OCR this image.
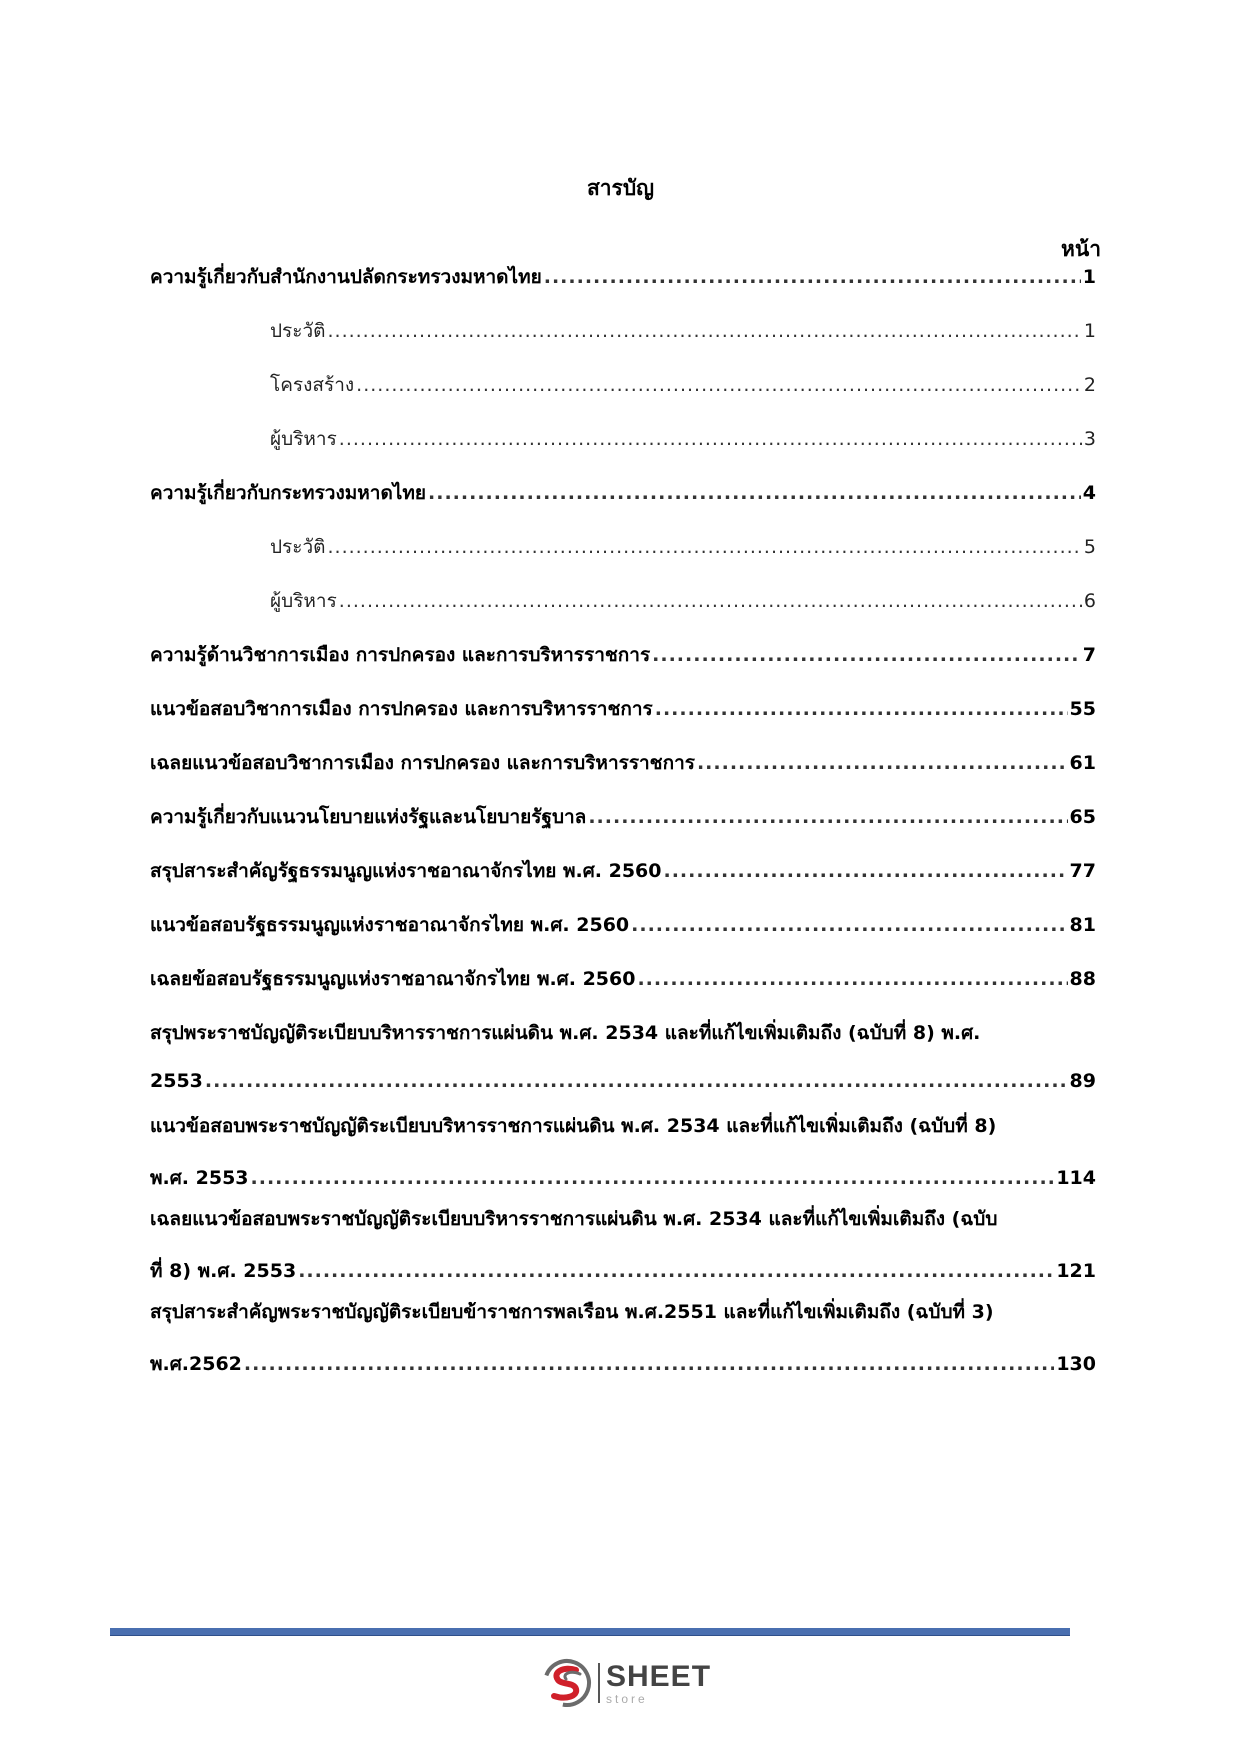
สารบัญ
หน้า
ความรู้เกี่ยวกับสำนักงานปลัดกระทรวงมหาดไทย .....	1
ประวัติ .....	1
โครงสร้าง .....	2
ผู้บริหาร .....	3
ความรู้เกี่ยวกับกระทรวงมหาดไทย .....	4
ประวัติ .....	5
ผู้บริหาร .....	6
ความรู้ด้านวิชาการเมือง การปกครอง และการบริหารราชการ .....	7
แนวข้อสอบวิชาการเมือง การปกครอง และการบริหารราชการ .....	55
เฉลยแนวข้อสอบวิชาการเมือง การปกครอง และการบริหารราชการ .....	61
ความรู้เกี่ยวกับแนวนโยบายแห่งรัฐและนโยบายรัฐบาล .....	65
สรุปสาระสำคัญรัฐธรรมนูญแห่งราชอาณาจักรไทย พ.ศ. 2560 .....	77
แนวข้อสอบรัฐธรรมนูญแห่งราชอาณาจักรไทย พ.ศ. 2560 .....	81
เฉลยข้อสอบรัฐธรรมนูญแห่งราชอาณาจักรไทย พ.ศ. 2560 .....	88
สรุปพระราชบัญญัติระเบียบบริหารราชการแผ่นดิน พ.ศ. 2534 และที่แก้ไขเพิ่มเติมถึง (ฉบับที่ 8) พ.ศ.
2553 .....	89
แนวข้อสอบพระราชบัญญัติระเบียบบริหารราชการแผ่นดิน พ.ศ. 2534 และที่แก้ไขเพิ่มเติมถึง (ฉบับที่ 8)
พ.ศ. 2553 .....	114
เฉลยแนวข้อสอบพระราชบัญญัติระเบียบบริหารราชการแผ่นดิน พ.ศ. 2534 และที่แก้ไขเพิ่มเติมถึง (ฉบับ
ที่ 8) พ.ศ. 2553 .....	121
สรุปสาระสำคัญพระราชบัญญัติระเบียบข้าราชการพลเรือน พ.ศ.2551 และที่แก้ไขเพิ่มเติมถึง (ฉบับที่ 3)
พ.ศ.2562 .....	130
SHEET
store
